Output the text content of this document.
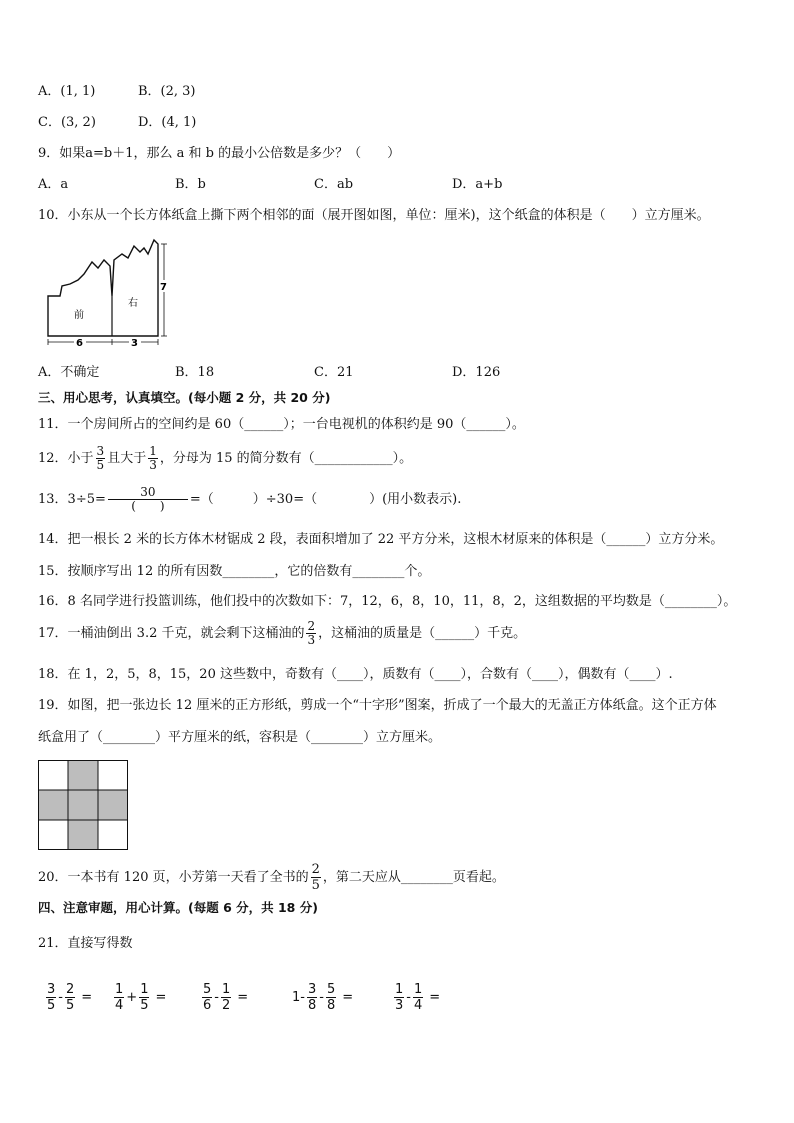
A．(1, 1)	B．(2, 3)
C．(3, 2)	D．(4, 1)
9．如果a=b＋1，那么 a 和 b 的最小公倍数是多少？（　　）
A．a	B．b	C．ab	D．a+b
10．小东从一个长方体纸盒上撕下两个相邻的面（展开图如图，单位：厘米)，这个纸盒的体积是（　　）立方厘米。
前
右
6	3
7
A．不确定	B．18	C．21	D．126
三、用心思考，认真填空。(每小题 2 分，共 20 分)
11．一个房间所占的空间约是 60（______）；一台电视机的体积约是 90（______）。
12．小于 $\frac{3}{5}$ 且大于 $\frac{1}{3}$ ，分母为 15 的简分数有（____________）。
13．$3\div 5= \frac{30}{( )}$ =（　　　）÷30=（　　　　）(用小数表示).
14．把一根长 2 米的长方体木材锯成 2 段，表面积增加了 22 平方分米，这根木材原来的体积是（______）立方分米。
15．按顺序写出 12 的所有因数________，它的倍数有________个。
16．8 名同学进行投篮训练，他们投中的次数如下：7，12，6，8，10，11，8，2，这组数据的平均数是（________）。
17．一桶油倒出 3.2 千克，就会剩下这桶油的 $\frac{2}{3}$ ，这桶油的质量是（______）千克。
18．在 1，2，5，8，15，20 这些数中，奇数有（____），质数有（____），合数有（____），偶数有（____）.
19．如图，把一张边长 12 厘米的正方形纸，剪成一个“十字形”图案，折成了一个最大的无盖正方体纸盒。这个正方体
纸盒用了（________）平方厘米的纸，容积是（________）立方厘米。
20．一本书有 120 页，小芳第一天看了全书的 $\frac{2}{5}$ ，第二天应从________页看起。
四、注意审题，用心计算。(每题 6 分，共 18 分)
21．直接写得数
$\frac{3}{5} - \frac{2}{5} = \frac{1}{4} + \frac{1}{5}$ =	$\frac{5}{6} - \frac{1}{2}$ =	$1- \frac{3}{8} - \frac{5}{8}$ =	$\frac{1}{3} - \frac{1}{4}$ =
